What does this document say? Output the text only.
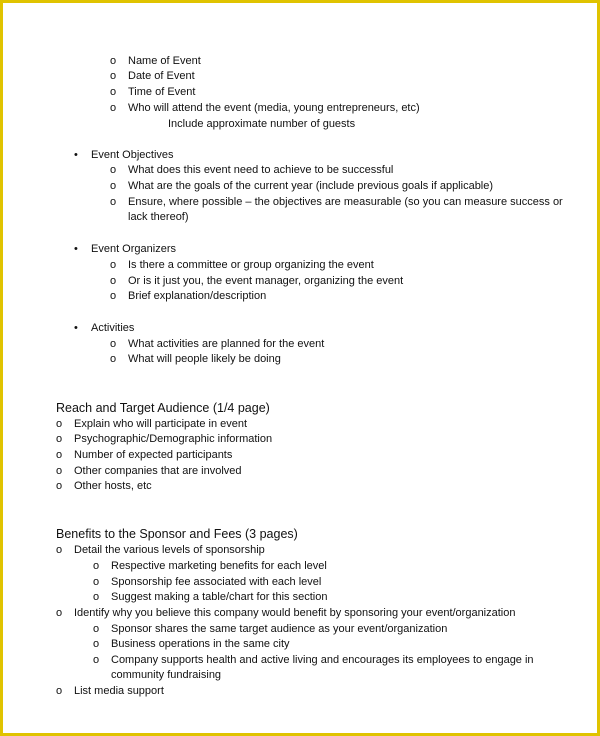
o Name of Event
o Date of Event
o Time of Event
o Who will attend the event (media, young entrepreneurs, etc)
Include approximate number of guests
• Event Objectives
o What does this event need to achieve to be successful
o What are the goals of the current year (include previous goals if applicable)
o Ensure, where possible – the objectives are measurable (so you can measure success or lack thereof)
• Event Organizers
o Is there a committee or group organizing the event
o Or is it just you, the event manager, organizing the event
o Brief explanation/description
• Activities
o What activities are planned for the event
o What will people likely be doing
Reach and Target Audience (1/4 page)
o Explain who will participate in event
o Psychographic/Demographic information
o Number of expected participants
o Other companies that are involved
o Other hosts, etc
Benefits to the Sponsor and Fees (3 pages)
o Detail the various levels of sponsorship
o Respective marketing benefits for each level
o Sponsorship fee associated with each level
o Suggest making a table/chart for this section
o Identify why you believe this company would benefit by sponsoring your event/organization
o Sponsor shares the same target audience as your event/organization
o Business operations in the same city
o Company supports health and active living and encourages its employees to engage in community fundraising
o List media support
